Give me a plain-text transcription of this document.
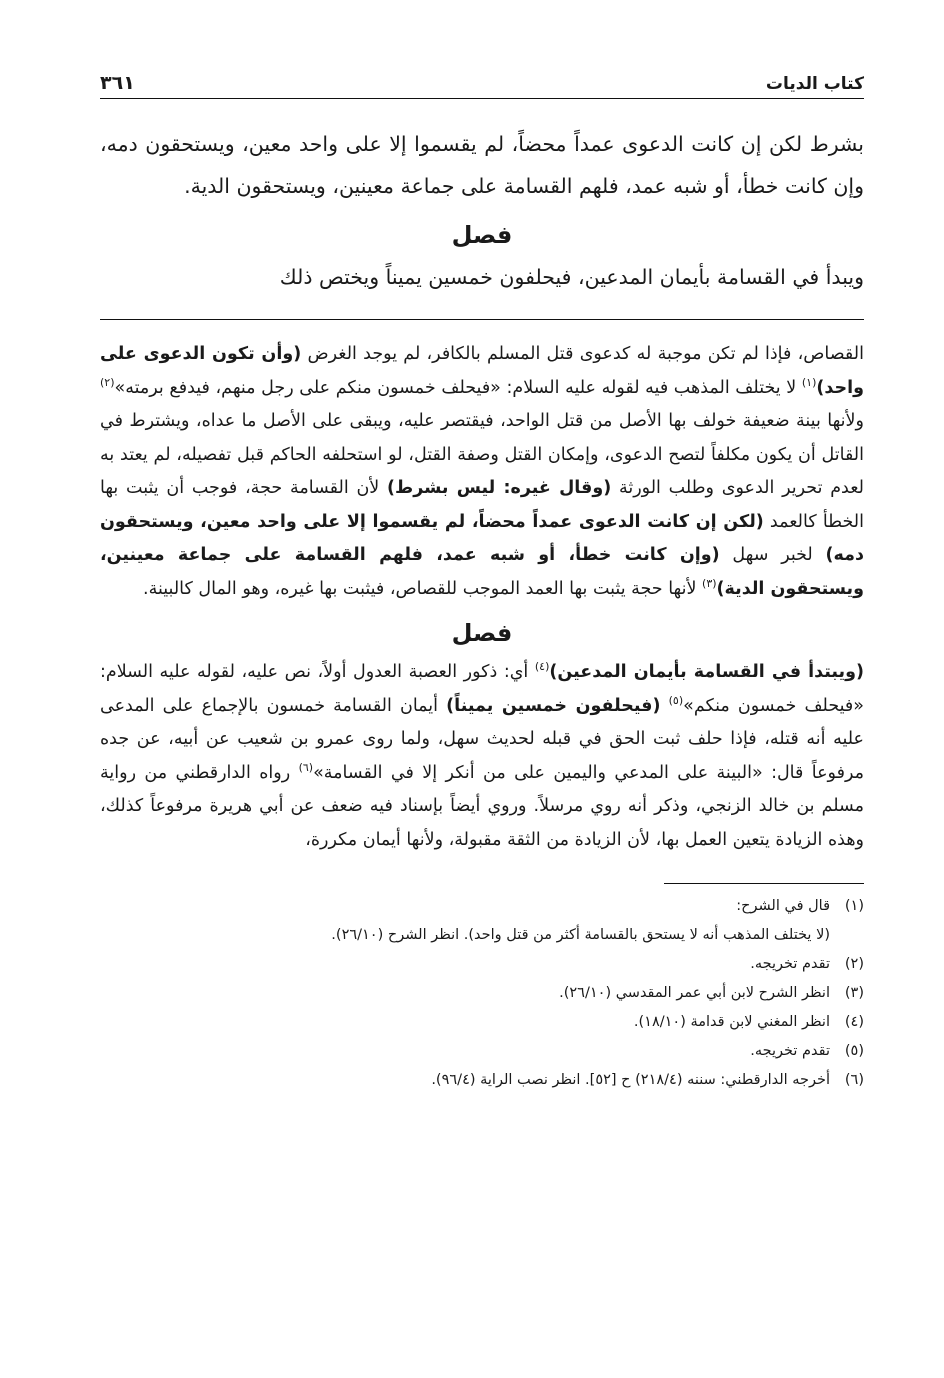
كتاب الديات
٣٦١

بشرط لكن إن كانت الدعوى عمداً محضاً، لم يقسموا إلا على واحد معين، ويستحقون دمه، وإن كانت خطأ، أو شبه عمد، فلهم القسامة على جماعة معينين، ويستحقون الدية.

فصل

ويبدأ في القسامة بأيمان المدعين، فيحلفون خمسين يميناً ويختص ذلك

القصاص، فإذا لم تكن موجبة له كدعوى قتل المسلم بالكافر، لم يوجد الغرض (وأن تكون الدعوى على واحد)$^{(١)}$ لا يختلف المذهب فيه لقوله عليه السلام: «فيحلف خمسون منكم على رجل منهم، فيدفع برمته»$^{(٢)}$ ولأنها بينة ضعيفة خولف بها الأصل من قتل الواحد، فيقتصر عليه، ويبقى على الأصل ما عداه، ويشترط في القاتل أن يكون مكلفاً لتصح الدعوى، وإمكان القتل وصفة القتل، لو استحلفه الحاكم قبل تفصيله، لم يعتد به لعدم تحرير الدعوى وطلب الورثة (وقال غيره: ليس بشرط) لأن القسامة حجة، فوجب أن يثبت بها الخطأ كالعمد (لكن إن كانت الدعوى عمداً محضاً، لم يقسموا إلا على واحد معين، ويستحقون دمه) لخبر سهل (وإن كانت خطأ، أو شبه عمد، فلهم القسامة على جماعة معينين، ويستحقون الدية)$^{(٣)}$ لأنها حجة يثبت بها العمد الموجب للقصاص، فيثبت بها غيره، وهو المال كالبينة.

فصل

(ويبتدأ في القسامة بأيمان المدعين)$^{(٤)}$ أي: ذكور العصبة العدول أولاً، نص عليه، لقوله عليه السلام: «فيحلف خمسون منكم»$^{(٥)}$ (فيحلفون خمسين يميناً) أيمان القسامة خمسون بالإجماع على المدعى عليه أنه قتله، فإذا حلف ثبت الحق في قبله لحديث سهل، ولما روى عمرو بن شعيب عن أبيه، عن جده مرفوعاً قال: «البينة على المدعي واليمين على من أنكر إلا في القسامة»$^{(٦)}$ رواه الدارقطني من رواية مسلم بن خالد الزنجي، وذكر أنه روي مرسلاً. وروي أيضاً بإسناد فيه ضعف عن أبي هريرة مرفوعاً كذلك، وهذه الزيادة يتعين العمل بها، لأن الزيادة من الثقة مقبولة، ولأنها أيمان مكررة،

(١)
قال في الشرح:
(لا يختلف المذهب أنه لا يستحق بالقسامة أكثر من قتل واحد). انظر الشرح (٢٦/١٠).
(٢)
تقدم تخريجه.
(٣)
انظر الشرح لابن أبي عمر المقدسي (٢٦/١٠).
(٤)
انظر المغني لابن قدامة (١٨/١٠).
(٥)
تقدم تخريجه.
(٦)
أخرجه الدارقطني: سننه (٢١٨/٤) ح [٥٢]. انظر نصب الراية (٩٦/٤).
